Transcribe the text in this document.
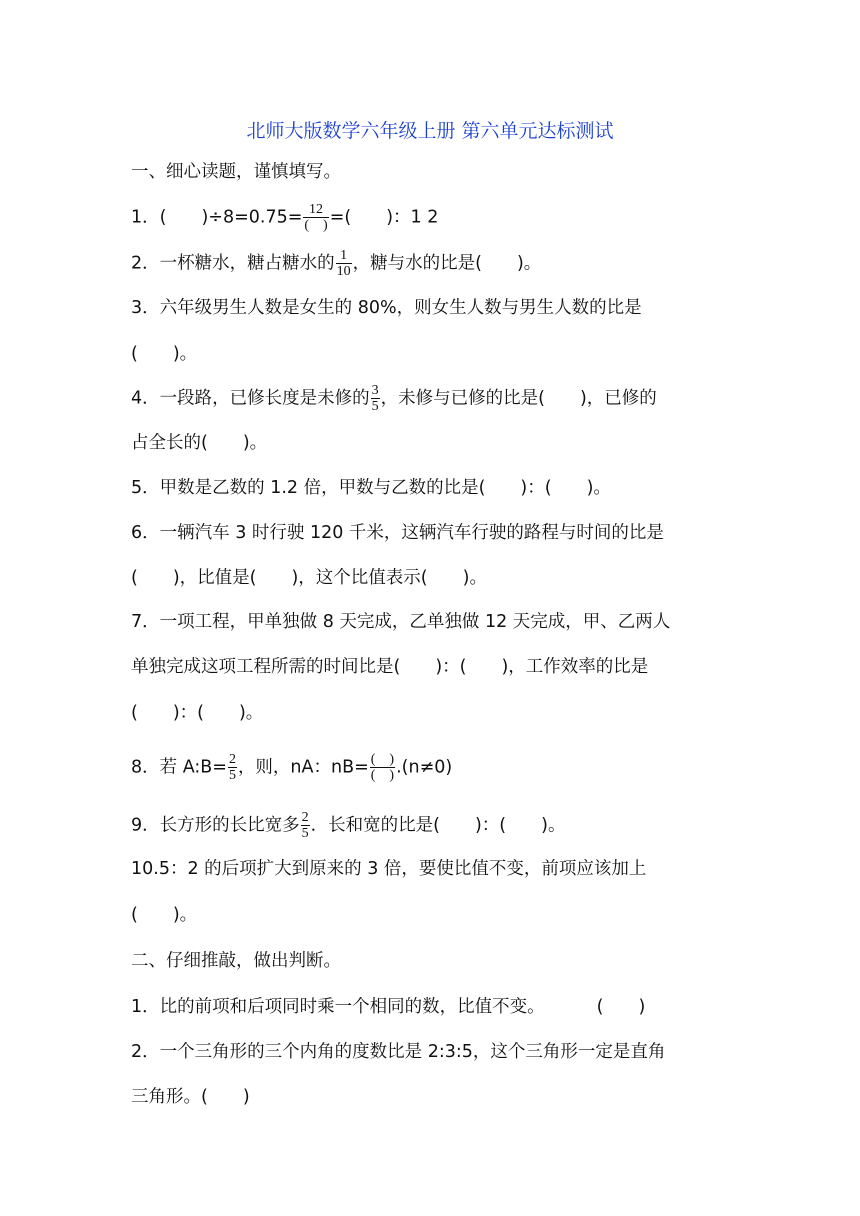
北师大版数学六年级上册 第六单元达标测试
一、细心读题，谨慎填写。
1．(　　)$\div 8=0.75= \frac{12}{( )}$ =(　　)：1 2
2．一杯糖水，糖占糖水的 $\frac{1}{10}$ ，糖与水的比是(　　)。
3．六年级男生人数是女生的 80%，则女生人数与男生人数的比是
(　　)。
4．一段路，已修长度是未修的 $\frac{3}{5}$ ，未修与已修的比是(　　)，已修的
占全长的(　　)。
5．甲数是乙数的 1.2 倍，甲数与乙数的比是(　　)：(　　)。
6．一辆汽车 3 时行驶 120 千米，这辆汽车行驶的路程与时间的比是
(　　)，比值是(　　)，这个比值表示(　　)。
7．一项工程，甲单独做 8 天完成，乙单独做 12 天完成，甲、乙两人
单独完成这项工程所需的时间比是(　　)：(　　)，工作效率的比是
(　　)：(　　)。
8．若 A:B= $\frac{2}{5}$ ，则，nA：$nB= \frac{( )}{( )} .(n\ne 0)$
9．长方形的长比宽多 $\frac{2}{5}$ ．长和宽的比是(　　)：(　　)。
10.5：2 的后项扩大到原来的 3 倍，要使比值不变，前项应该加上
(　　)。
二、仔细推敲，做出判断。
1．比的前项和后项同时乘一个相同的数，比值不变。	(　　)
2．一个三角形的三个内角的度数比是 2:3:5，这个三角形一定是直角
三角形。(　　)
